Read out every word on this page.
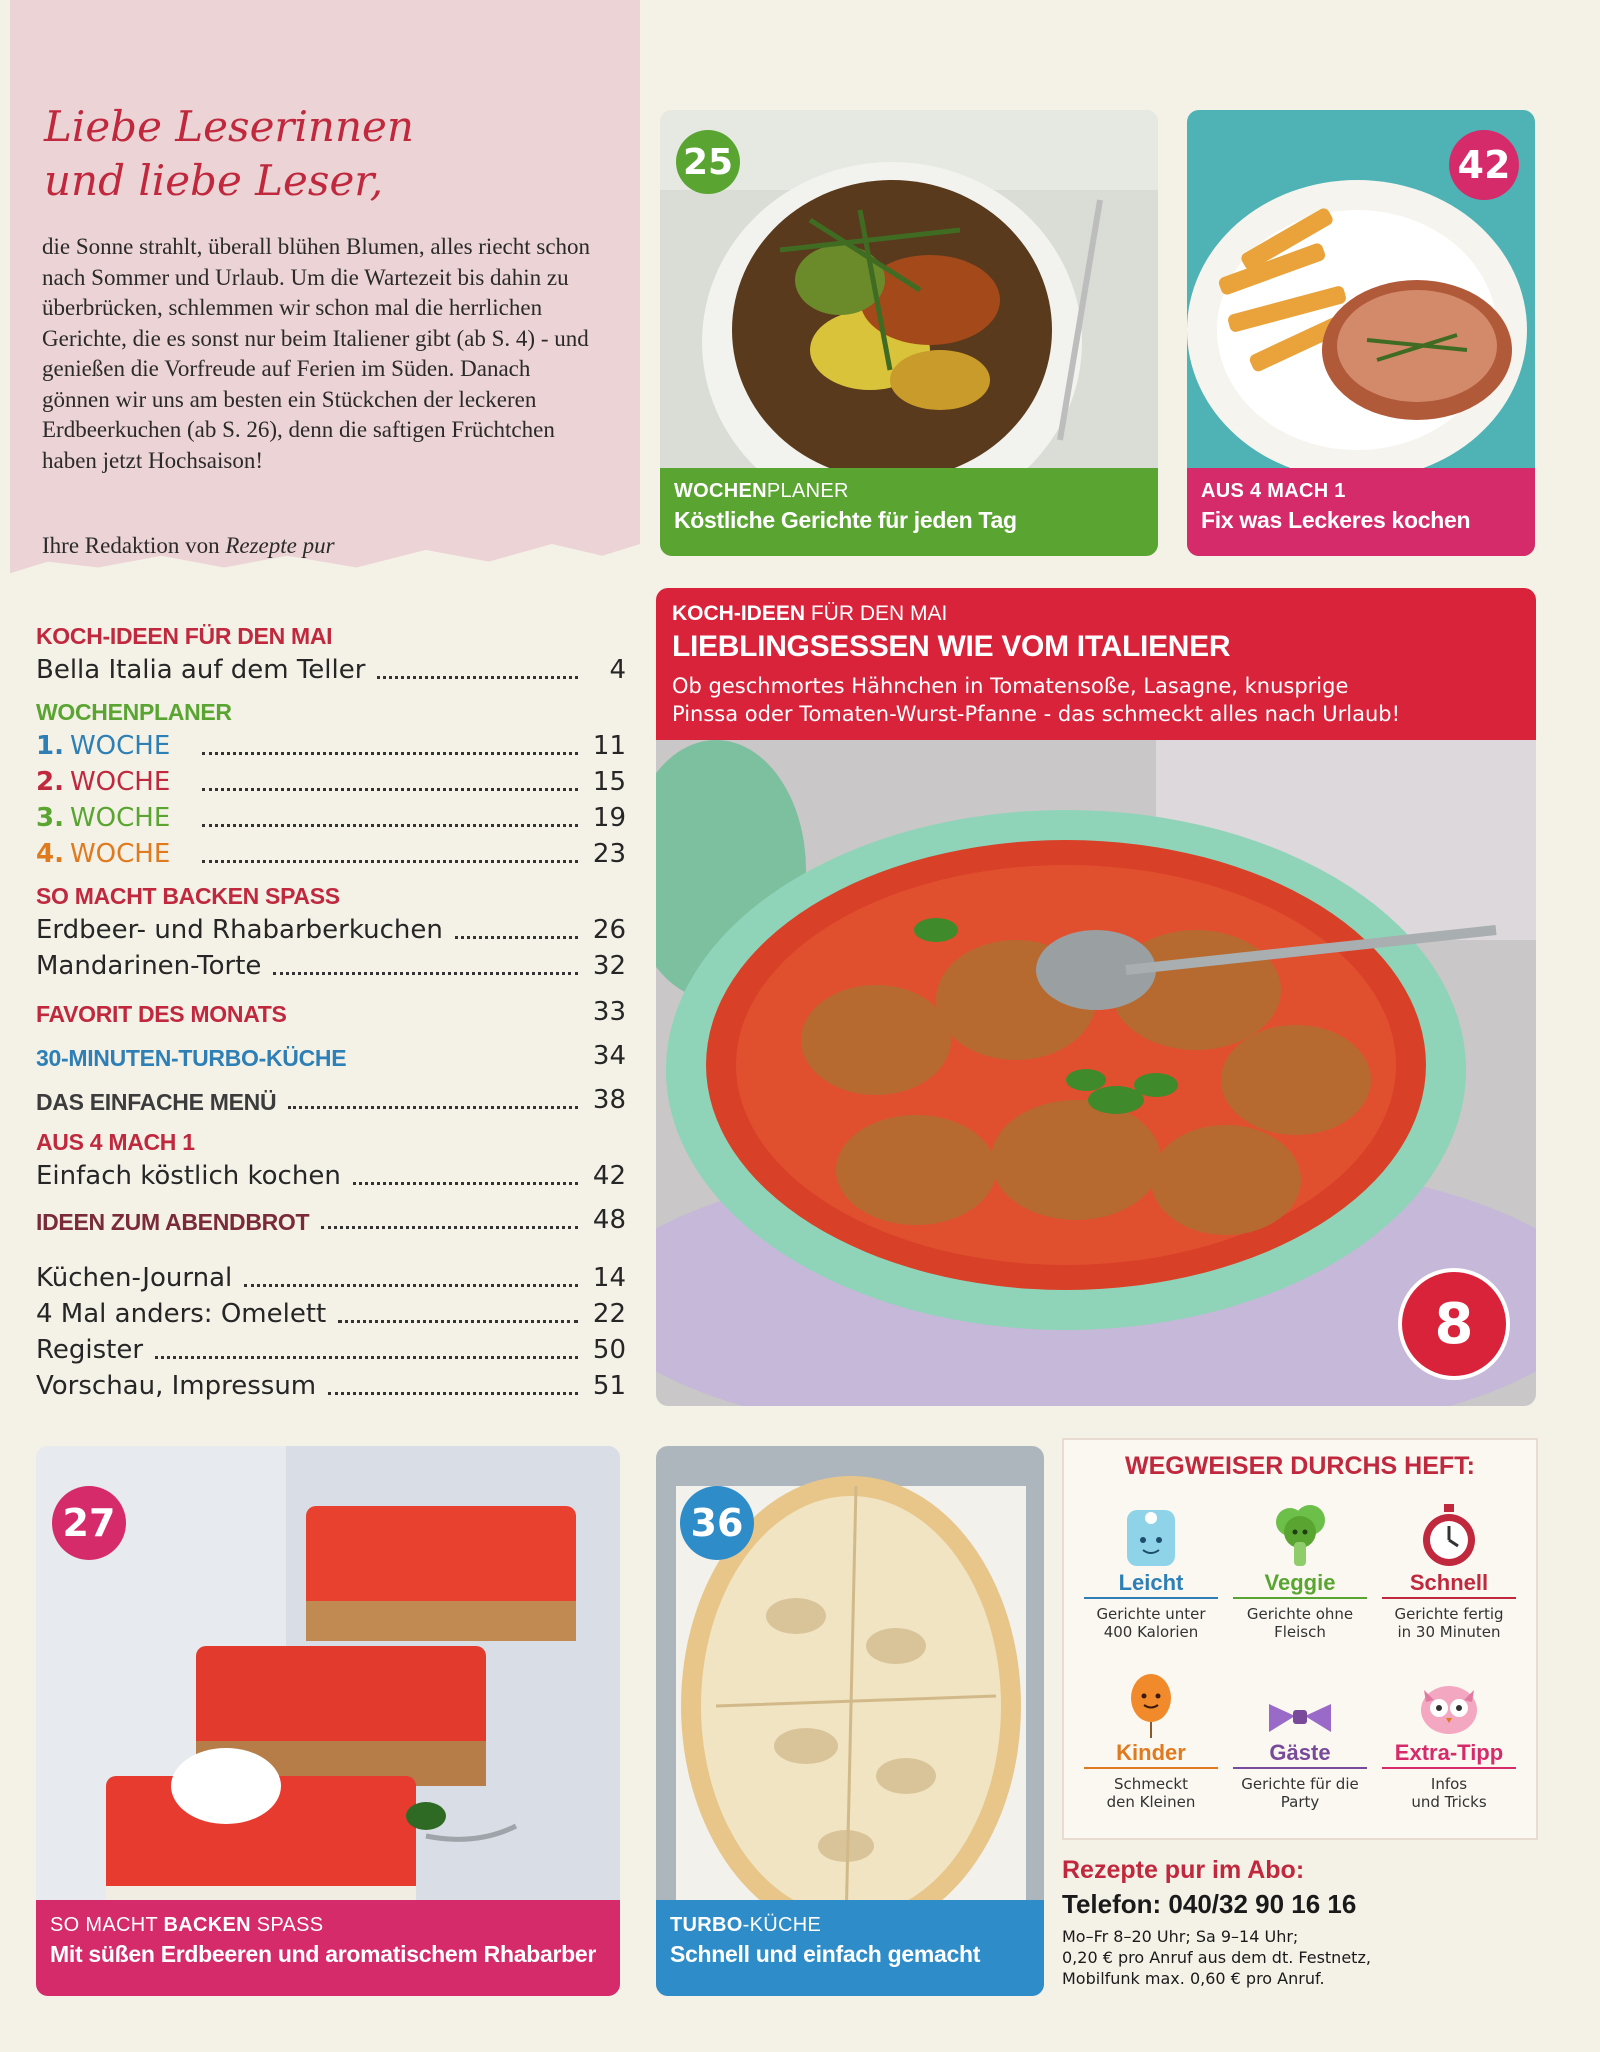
Liebe Leserinnen
und liebe Leser,
die Sonne strahlt, überall blühen Blumen, alles riecht schon nach Sommer und Urlaub. Um die Wartezeit bis dahin zu überbrücken, schlemmen wir schon mal die herrlichen Gerichte, die es sonst nur beim Italiener gibt (ab S. 4) - und genießen die Vorfreude auf Ferien im Süden. Danach gönnen wir uns am besten ein Stückchen der leckeren Erdbeerkuchen (ab S. 26), denn die saftigen Früchtchen haben jetzt Hochsaison!
Ihre Redaktion von Rezepte pur
KOCH-IDEEN FÜR DEN MAI
Bella Italia auf dem Teller	4
WOCHENPLANER
1. WOCHE	11
2. WOCHE	15
3. WOCHE	19
4. WOCHE	23
SO MACHT BACKEN SPASS
Erdbeer- und Rhabarberkuchen	26
Mandarinen-Torte	32
FAVORIT DES MONATS	33
30-MINUTEN-TURBO-KÜCHE	34
DAS EINFACHE MENÜ	38
AUS 4 MACH 1
Einfach köstlich kochen	42
IDEEN ZUM ABENDBROT	48
Küchen-Journal	14
4 Mal anders: Omelett	22
Register	50
Vorschau, Impressum	51
25
WOCHENPLANER
Köstliche Gerichte für jeden Tag
42
AUS 4 MACH 1
Fix was Leckeres kochen
KOCH-IDEEN FÜR DEN MAI
LIEBLINGSESSEN WIE VOM ITALIENER
Ob geschmortes Hähnchen in Tomatensoße, Lasagne, knusprige
Pinssa oder Tomaten-Wurst-Pfanne - das schmeckt alles nach Urlaub!
8
27
SO MACHT BACKEN SPASS
Mit süßen Erdbeeren und aromatischem Rhabarber
36
TURBO-KÜCHE
Schnell und einfach gemacht
WEGWEISER DURCHS HEFT:
Leicht
Gerichte unter
400 Kalorien
Veggie
Gerichte ohne
Fleisch
Schnell
Gerichte fertig
in 30 Minuten
Kinder
Schmeckt
den Kleinen
Gäste
Gerichte für die
Party
Extra-Tipp
Infos
und Tricks
Rezepte pur im Abo:
Telefon: 040/32 90 16 16
Mo–Fr 8–20 Uhr; Sa 9–14 Uhr;
0,20 € pro Anruf aus dem dt. Festnetz,
Mobilfunk max. 0,60 € pro Anruf.
